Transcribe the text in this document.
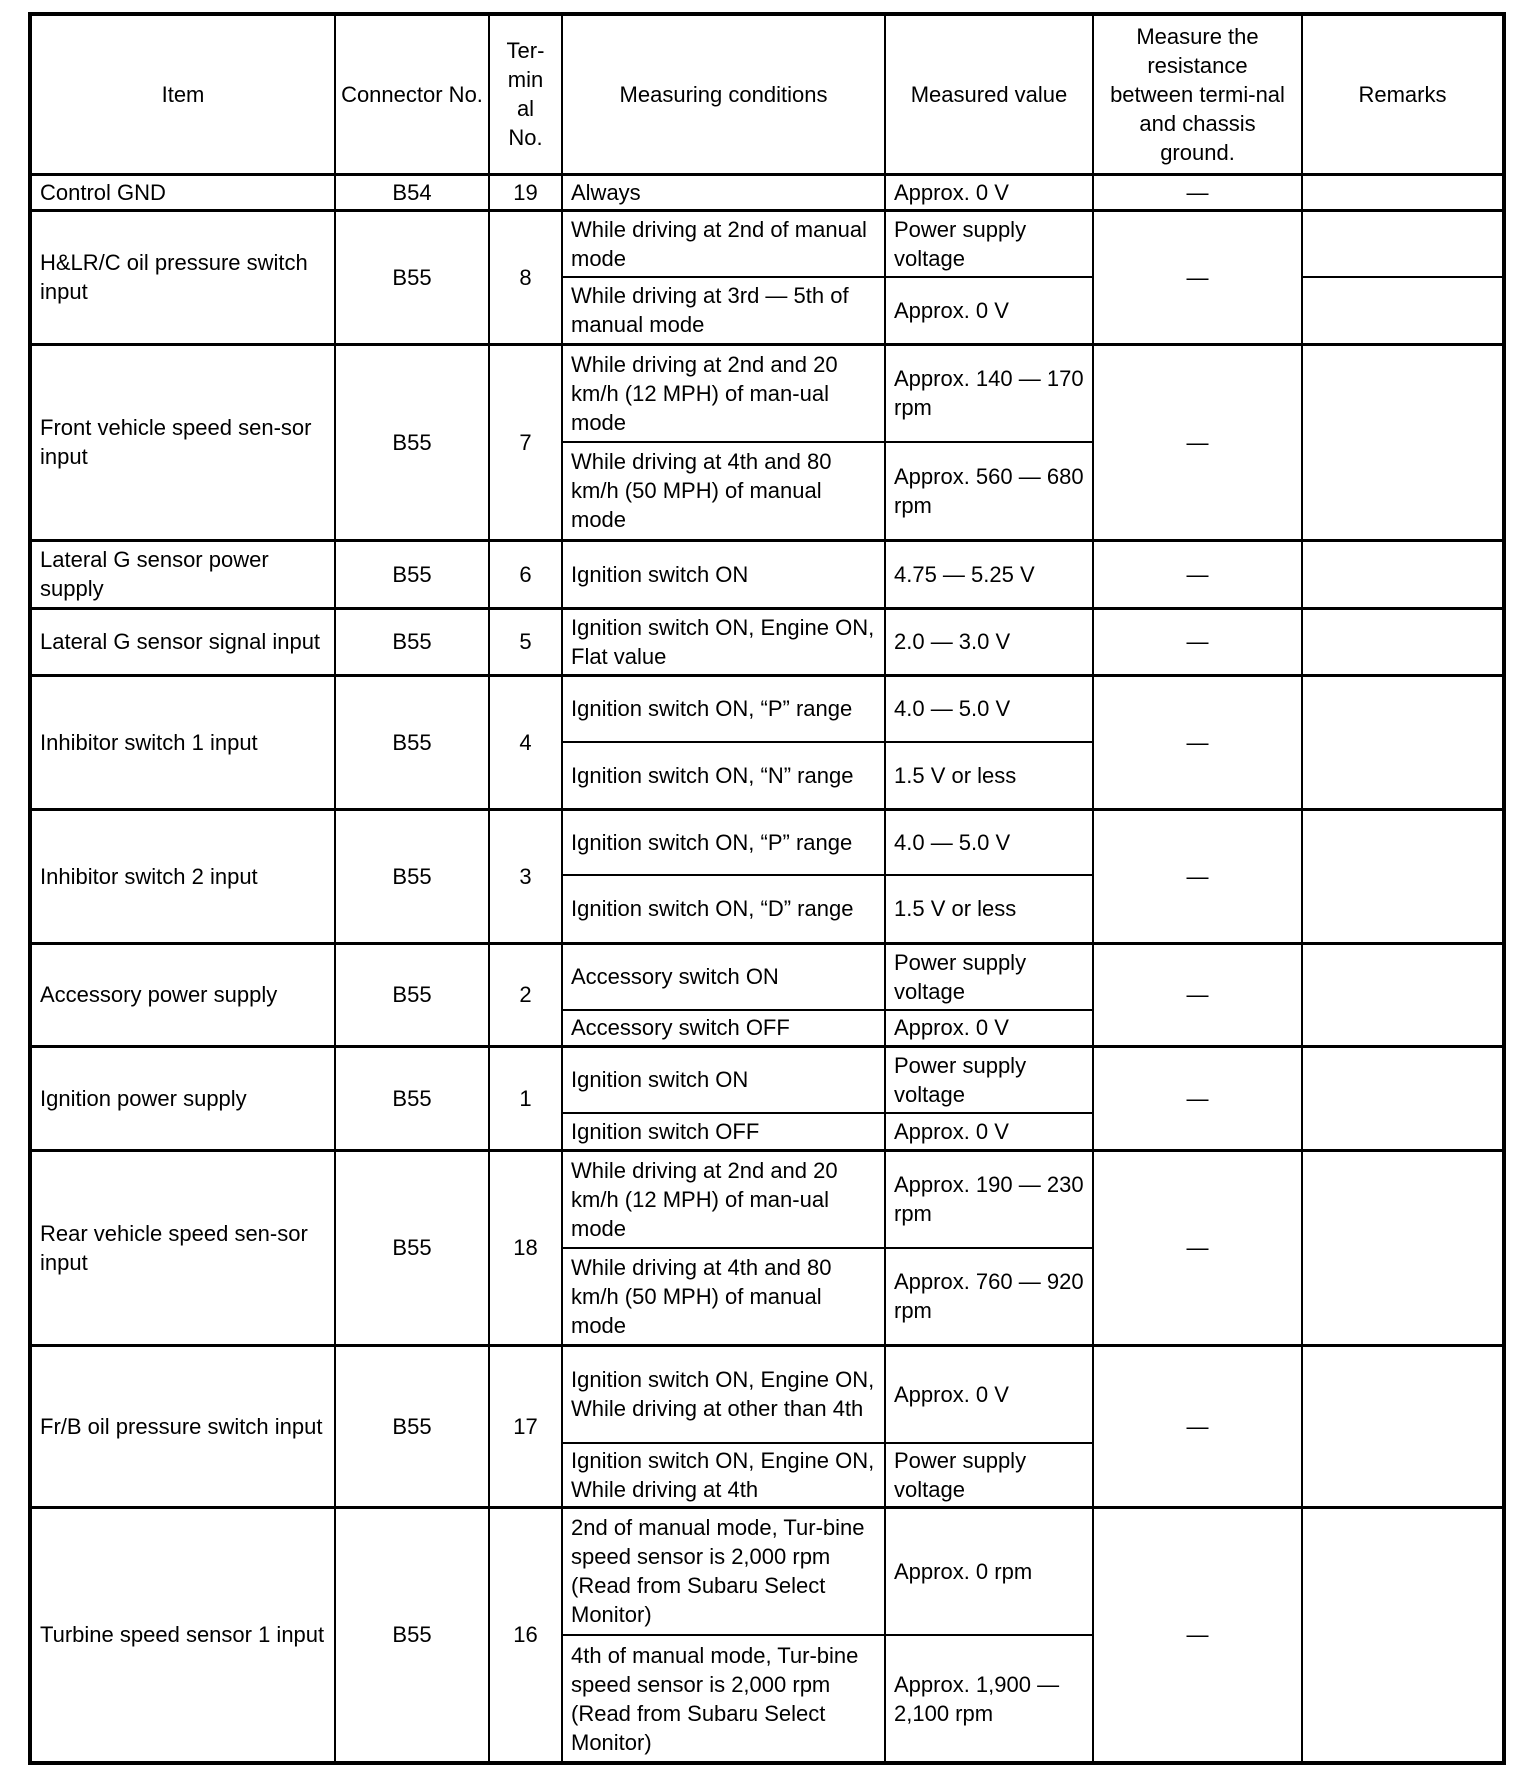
Item	Connector No.	Ter-min al No.	Measuring conditions	Measured value	Measure the resistance between termi-nal and chassis ground.	Remarks
Control GND	B54	19	Always	Approx. 0 V	—	
H&LR/C oil pressure switch input	B55	8	While driving at 2nd of manual mode	Power supply voltage	—	
			While driving at 3rd — 5th of manual mode	Approx. 0 V		
Front vehicle speed sen-sor input	B55	7	While driving at 2nd and 20 km/h (12 MPH) of man-ual mode	Approx. 140 — 170 rpm	—	
			While driving at 4th and 80 km/h (50 MPH) of manual mode	Approx. 560 — 680 rpm		
Lateral G sensor power supply	B55	6	Ignition switch ON	4.75 — 5.25 V	—	
Lateral G sensor signal input	B55	5	Ignition switch ON, Engine ON, Flat value	2.0 — 3.0 V	—	
Inhibitor switch 1 input	B55	4	Ignition switch ON, “P” range	4.0 — 5.0 V	—	
			Ignition switch ON, “N” range	1.5 V or less		
Inhibitor switch 2 input	B55	3	Ignition switch ON, “P” range	4.0 — 5.0 V	—	
			Ignition switch ON, “D” range	1.5 V or less		
Accessory power supply	B55	2	Accessory switch ON	Power supply voltage	—	
			Accessory switch OFF	Approx. 0 V		
Ignition power supply	B55	1	Ignition switch ON	Power supply voltage	—	
			Ignition switch OFF	Approx. 0 V		
Rear vehicle speed sen-sor input	B55	18	While driving at 2nd and 20 km/h (12 MPH) of man-ual mode	Approx. 190 — 230 rpm	—	
			While driving at 4th and 80 km/h (50 MPH) of manual mode	Approx. 760 — 920 rpm		
Fr/B oil pressure switch input	B55	17	Ignition switch ON, Engine ON, While driving at other than 4th	Approx. 0 V	—	
			Ignition switch ON, Engine ON, While driving at 4th	Power supply voltage		
Turbine speed sensor 1 input	B55	16	2nd of manual mode, Tur-bine speed sensor is 2,000 rpm (Read from Subaru Select Monitor)	Approx. 0 rpm	—	
			4th of manual mode, Tur-bine speed sensor is 2,000 rpm (Read from Subaru Select Monitor)	Approx. 1,900 — 2,100 rpm		
